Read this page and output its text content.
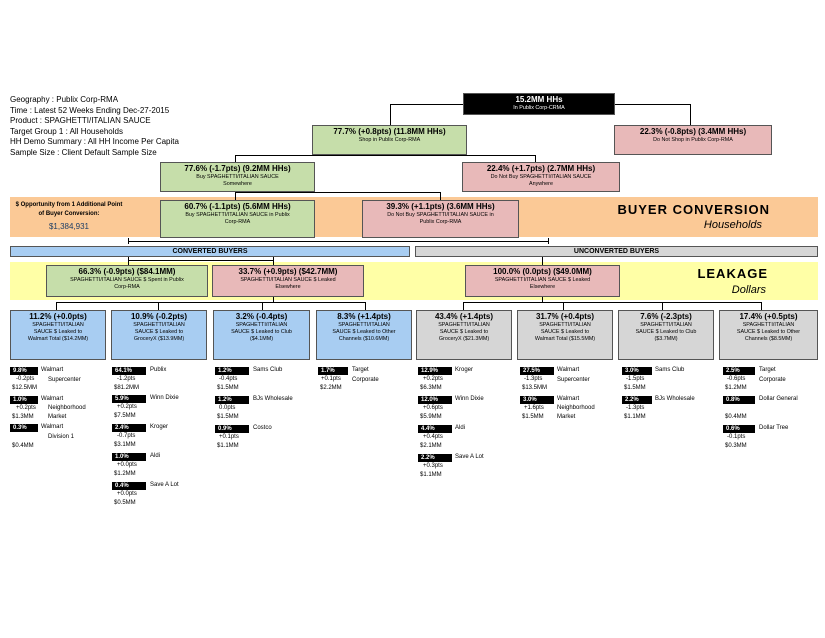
Geography : Publix Corp-RMA
Time : Latest 52 Weeks Ending Dec-27-2015
Product : SPAGHETTI/ITALIAN SAUCE
Target Group 1 : All Households
HH Demo Summary : All HH Income Per Capita
Sample Size : Client Default Sample Size
15.2MM HHs
In Publix Corp-CRMA
77.7% (+0.8pts) (11.8MM HHs)
Shop in Publix Corp-RMA
22.3% (-0.8pts) (3.4MM HHs)
Do Not Shop in Publix Corp-RMA
77.6% (-1.7pts) (9.2MM HHs)
Buy SPAGHETTI/ITALIAN SAUCE
Somewhere
22.4% (+1.7pts) (2.7MM HHs)
Do Not Buy SPAGHETTI/ITALIAN SAUCE
Anywhere
60.7% (-1.1pts) (5.6MM HHs)
Buy SPAGHETTI/ITALIAN SAUCE in Publix
Corp-RMA
39.3% (+1.1pts) (3.6MM HHs)
Do Not Buy SPAGHETTI/ITALIAN SAUCE in
Publix Corp-RMA
$ Opportunity from 1 Additional Point
of Buyer Conversion:
$1,384,931
BUYER CONVERSION
Households
LEAKAGE
Dollars
CONVERTED BUYERS	UNCONVERTED BUYERS
66.3% (-0.9pts) ($84.1MM)
SPAGHETTI/ITALIAN SAUCE $ Spent in Publix
Corp-RMA
33.7% (+0.9pts) ($42.7MM)
SPAGHETTI/ITALIAN SAUCE $ Leaked
Elsewhere
100.0% (0.0pts) ($49.0MM)
SPAGHETTI/ITALIAN SAUCE $ Leaked
Elsewhere
11.2% (+0.0pts)
SPAGHETTI/ITALIAN
SAUCE $ Leaked to
Walmart Total ($14.2MM)
10.9% (-0.2pts)
SPAGHETTI/ITALIAN
SAUCE $ Leaked to
GroceryX ($13.9MM)
3.2% (-0.4pts)
SPAGHETTI/ITALIAN
SAUCE $ Leaked to Club
($4.1MM)
8.3% (+1.4pts)
SPAGHETTI/ITALIAN
SAUCE $ Leaked to Other
Channels ($10.6MM)
43.4% (+1.4pts)
SPAGHETTI/ITALIAN
SAUCE $ Leaked to
GroceryX ($21.3MM)
31.7% (+0.4pts)
SPAGHETTI/ITALIAN
SAUCE $ Leaked to
Walmart Total ($15.5MM)
7.6% (-2.3pts)
SPAGHETTI/ITALIAN
SAUCE $ Leaked to Club
($3.7MM)
17.4% (+0.5pts)
SPAGHETTI/ITALIAN
SAUCE $ Leaked to Other
Channels ($8.5MM)
9.8%	Walmart
Supercenter
-0.2pts
$12.5MM
1.0%	Walmart
Neighborhood
+0.2pts
$1.3MM Market
0.3%	Walmart
Division 1
$0.4MM
64.1%	Publix
-1.2pts
$81.2MM
5.9%	Winn Dixie
+0.2pts
$7.5MM
2.4%	Kroger
-0.7pts
$3.1MM
1.0%	Aldi
+0.0pts
$1.2MM
0.4%	Save A Lot
+0.0pts
$0.5MM
1.2%	Sams Club
-0.4pts
$1.5MM
1.2%	BJs Wholesale
0.0pts
$1.5MM
0.9%	Costco
+0.1pts
$1.1MM
1.7%	Target
Corporate
+0.1pts
$2.2MM
12.9%	Kroger
+0.2pts
$6.3MM
12.0%	Winn Dixie
+0.6pts
$5.9MM
4.4%	Aldi
+0.4pts
$2.1MM
2.2%	Save A Lot
+0.3pts
$1.1MM
27.5%	Walmart
Supercenter
-1.3pts
$13.5MM
3.0%	Walmart
Neighborhood
Market
+1.6pts
$1.5MM
3.0%	Sams Club
-1.5pts
$1.5MM
2.2%	BJs Wholesale
-1.3pts
$1.1MM
2.5%	Target
Corporate
-0.6pts
$1.2MM
0.8%	Dollar General
$0.4MM
0.6%	Dollar Tree
-0.1pts
$0.3MM
